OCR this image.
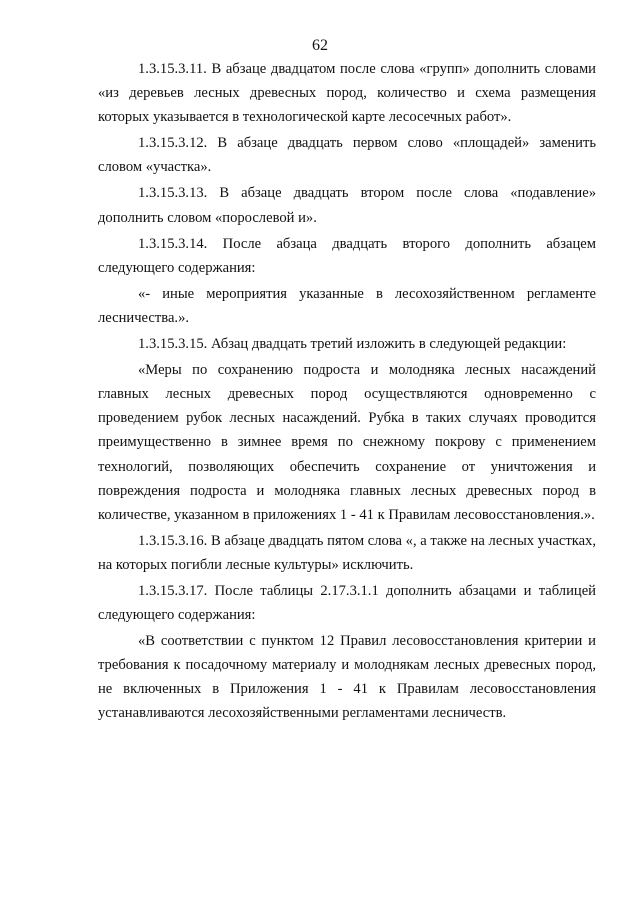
62

1.3.15.3.11. В абзаце двадцатом после слова «групп» дополнить словами «из деревьев лесных древесных пород, количество и схема размещения которых указывается в технологической карте лесосечных работ».

1.3.15.3.12. В абзаце двадцать первом слово «площадей» заменить словом «участка».

1.3.15.3.13. В абзаце двадцать втором после слова «подавление» дополнить словом «порослевой и».

1.3.15.3.14. После абзаца двадцать второго дополнить абзацем следующего содержания:

«- иные мероприятия указанные в лесохозяйственном регламенте лесничества.».

1.3.15.3.15. Абзац двадцать третий изложить в следующей редакции:

«Меры по сохранению подроста и молодняка лесных насаждений главных лесных древесных пород осуществляются одновременно с проведением рубок лесных насаждений. Рубка в таких случаях проводится преимущественно в зимнее время по снежному покрову с применением технологий, позволяющих обеспечить сохранение от уничтожения и повреждения подроста и молодняка главных лесных древесных пород в количестве, указанном в приложениях 1 - 41 к Правилам лесовосстановления.».

1.3.15.3.16. В абзаце двадцать пятом слова «, а также на лесных участках, на которых погибли лесные культуры» исключить.

1.3.15.3.17. После таблицы 2.17.3.1.1 дополнить абзацами и таблицей следующего содержания:

«В соответствии с пунктом 12 Правил лесовосстановления критерии и требования к посадочному материалу и молоднякам лесных древесных пород, не включенных в Приложения 1 - 41 к Правилам лесовосстановления устанавливаются лесохозяйственными регламентами лесничеств.
